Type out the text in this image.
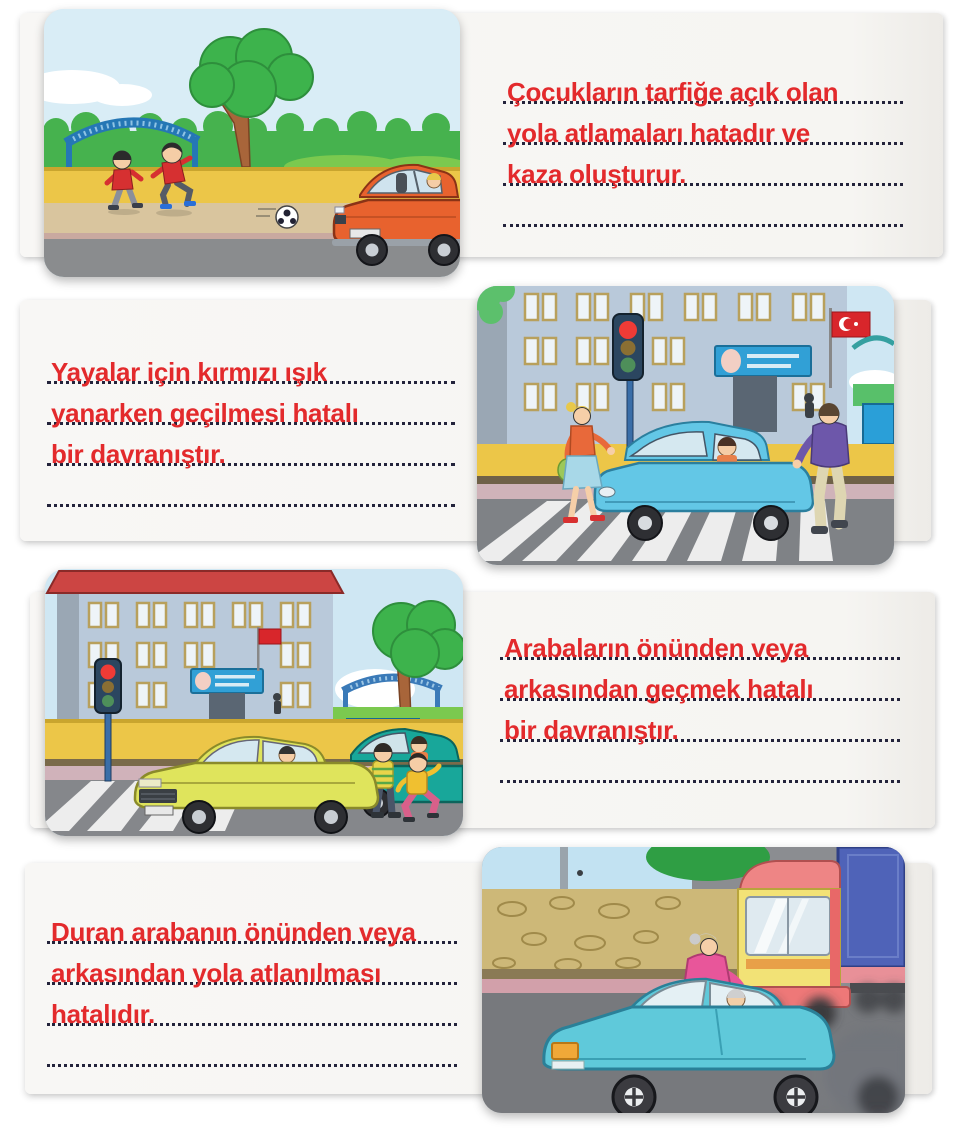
Çocukların tarfiğe açık olan
yola atlamaları hatadır ve
kaza oluşturur.
Yayalar için kırmızı ışık
yanarken geçilmesi hatalı
bir davranıştır.
Arabaların önünden veya
arkasından geçmek hatalı
bir davranıştır.
Duran arabanın önünden veya
arkasından yola atlanılması
hatalıdır.
